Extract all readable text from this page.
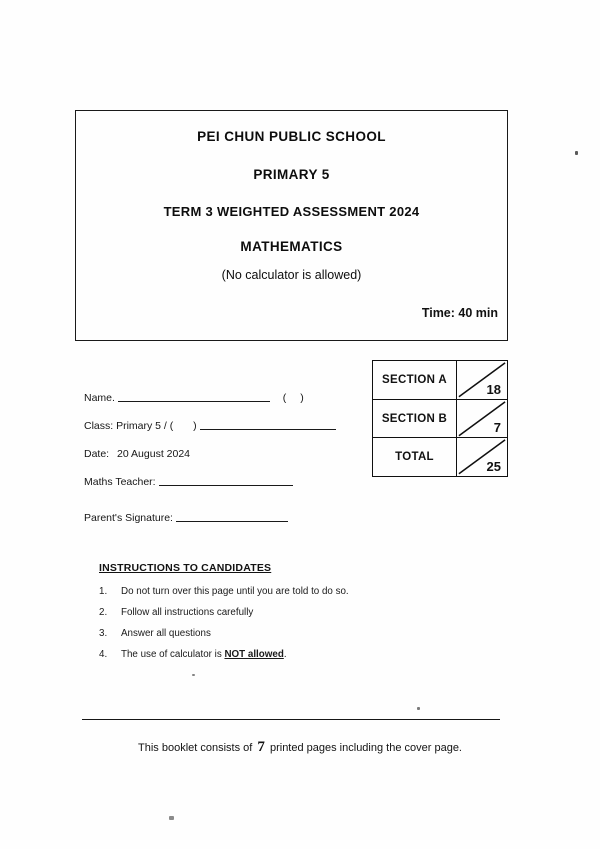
PEI CHUN PUBLIC SCHOOL
PRIMARY 5
TERM 3 WEIGHTED ASSESSMENT 2024
MATHEMATICS
(No calculator is allowed)
Time: 40 min
SECTION A
18
SECTION B
7
TOTAL
25
Name.	()
Class: Primary 5 / ( )
Date: 20 August 2024
Maths Teacher:
Parent's Signature:
INSTRUCTIONS TO CANDIDATES
1. Do not turn over this page until you are told to do so.
2. Follow all instructions carefully
3. Answer all questions
4. The use of calculator is NOT allowed.
This booklet consists of 7 printed pages including the cover page.
